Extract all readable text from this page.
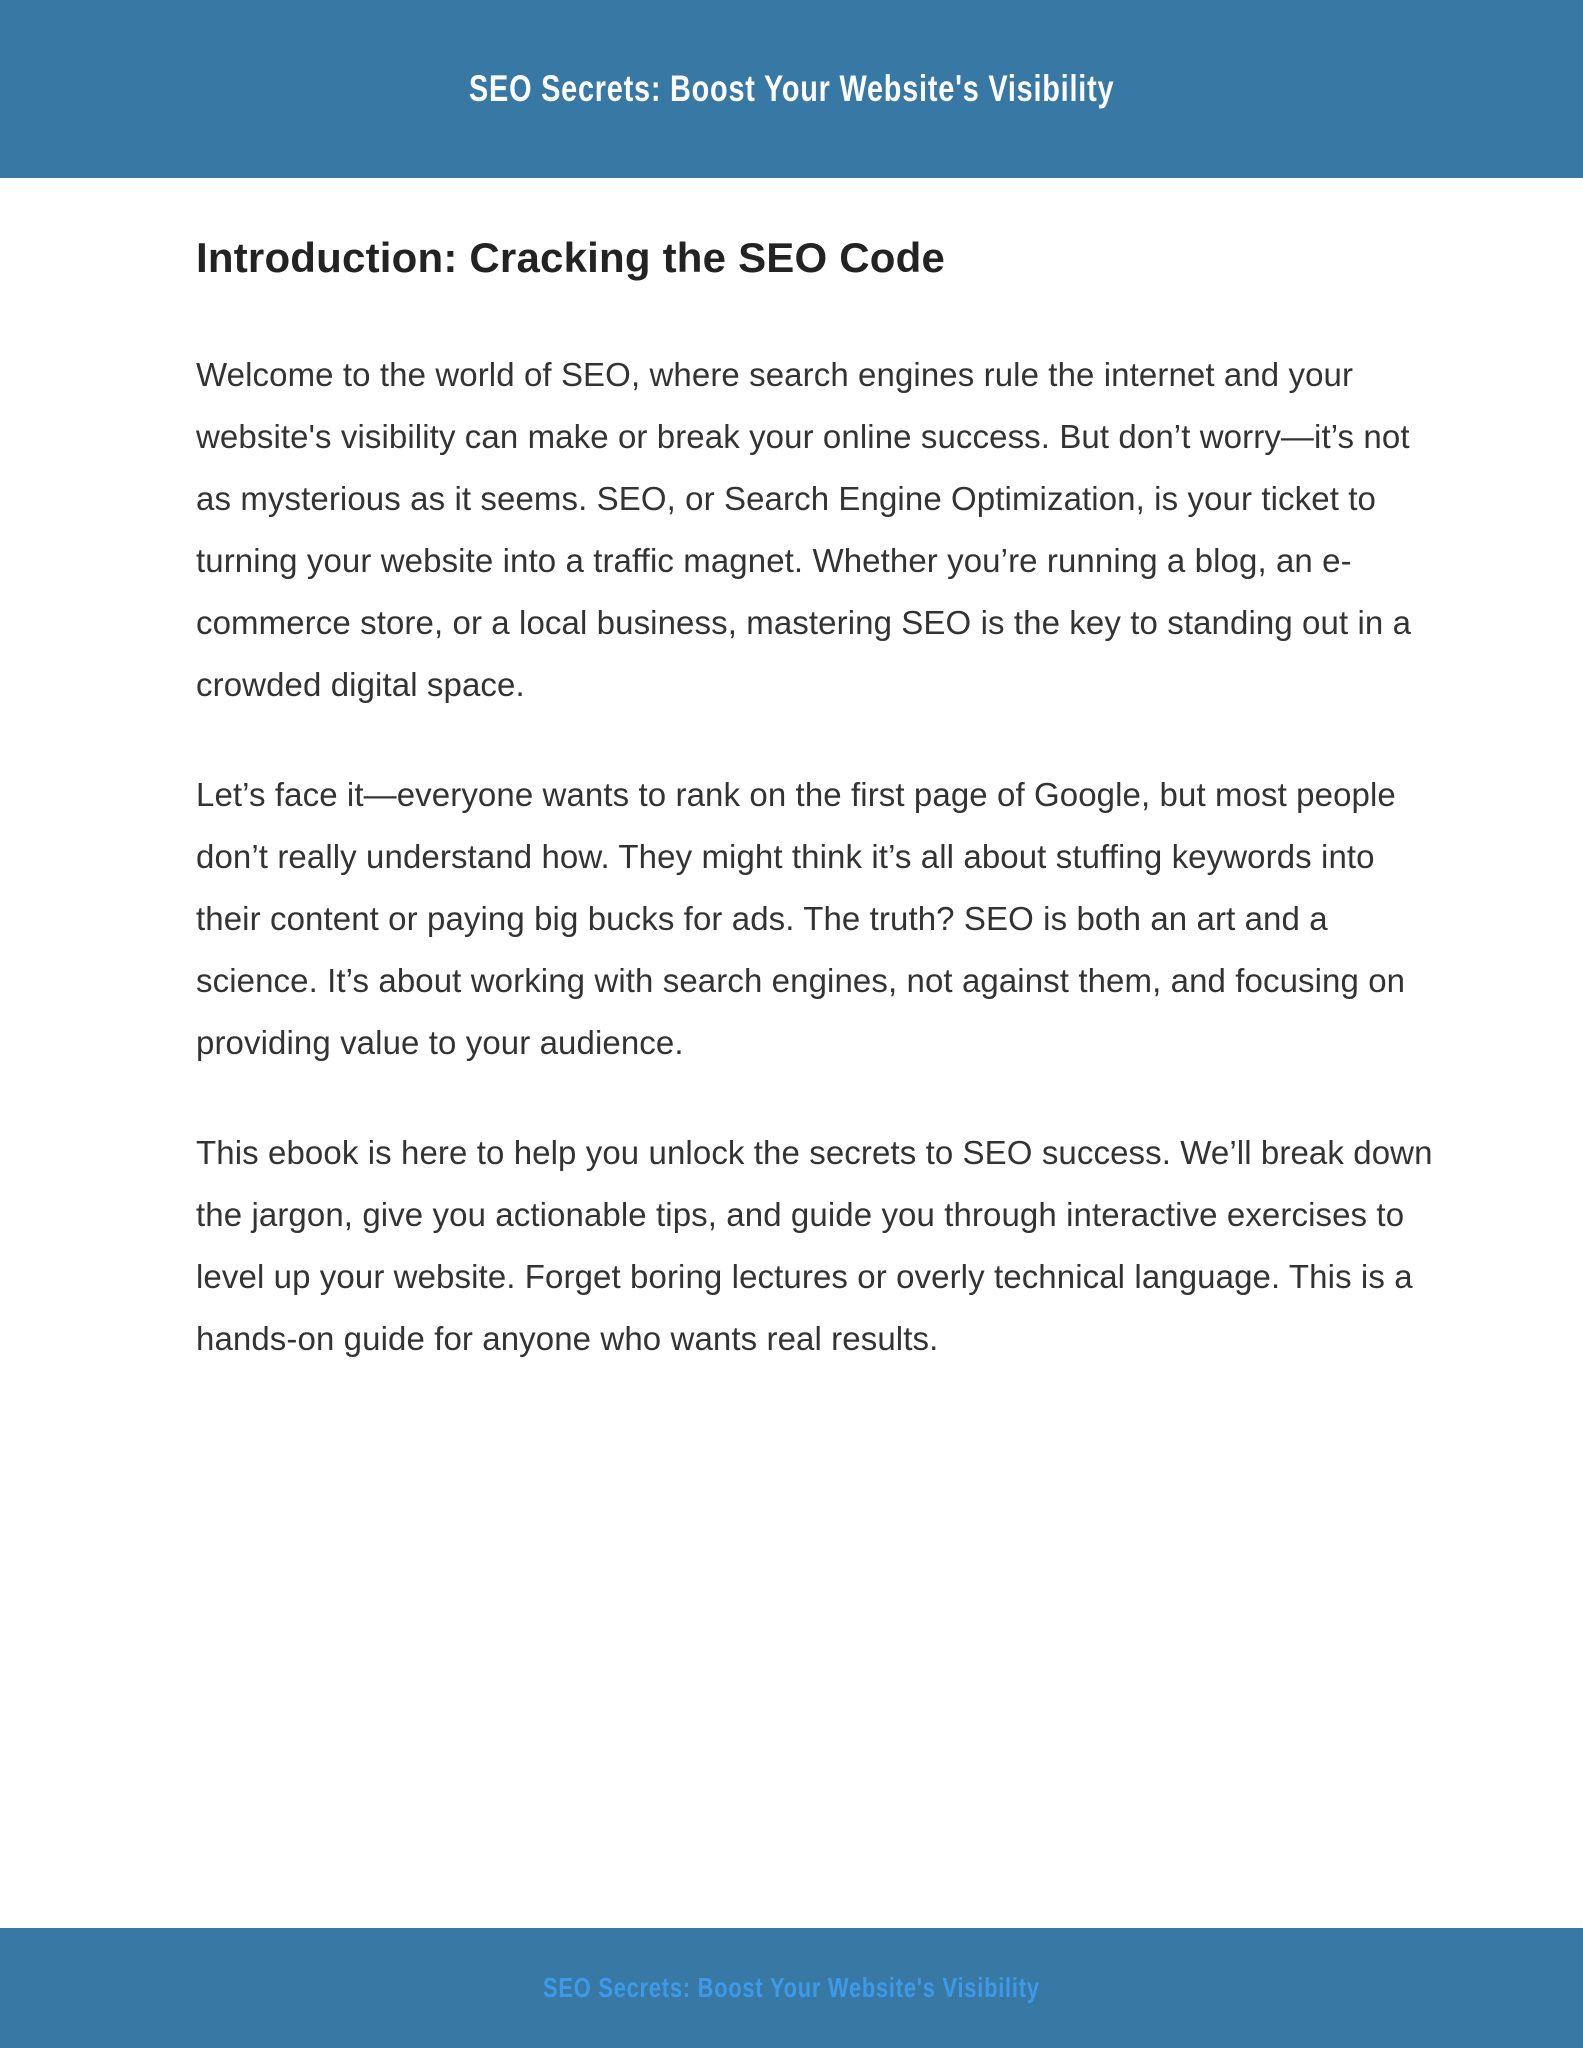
SEO Secrets: Boost Your Website's Visibility
Introduction: Cracking the SEO Code

Welcome to the world of SEO, where search engines rule the internet and your website's visibility can make or break your online success. But don’t worry—it’s not as mysterious as it seems. SEO, or Search Engine Optimization, is your ticket to turning your website into a traffic magnet. Whether you’re running a blog, an e-commerce store, or a local business, mastering SEO is the key to standing out in a crowded digital space.

Let’s face it—everyone wants to rank on the first page of Google, but most people don’t really understand how. They might think it’s all about stuffing keywords into their content or paying big bucks for ads. The truth? SEO is both an art and a science. It’s about working with search engines, not against them, and focusing on providing value to your audience.

This ebook is here to help you unlock the secrets to SEO success. We’ll break down the jargon, give you actionable tips, and guide you through interactive exercises to level up your website. Forget boring lectures or overly technical language. This is a hands-on guide for anyone who wants real results.

SEO Secrets: Boost Your Website's Visibility
